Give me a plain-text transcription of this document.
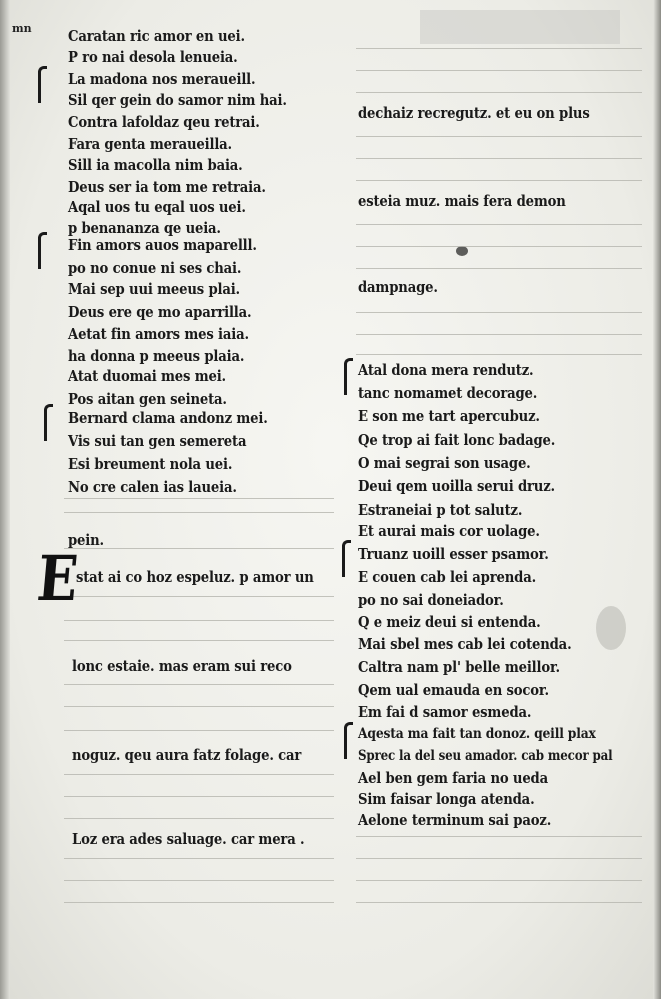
mn
E
Caratan ric amor en uei.
P ro nai desola lenueia.
La madona nos meraueill.
Sil qer gein do samor nim hai.
Contra lafoldaz qeu retrai.
Fara genta meraueilla.
Sill ia macolla nim baia.
Deus ser ia tom me retraia.
Aqal uos tu eqal uos uei.
p benananza qe ueia.
Fin amors auos maparelll.
po no conue ni ses chai.
Mai sep uui meeus plai.
Deus ere qe mo aparrilla.
Aetat fin amors mes iaia.
ha donna p meeus plaia.
Atat duomai mes mei.
Pos aitan gen seineta.
Bernard clama andonz mei.
Vis sui tan gen semereta
Esi breument nola uei.
No cre calen ias laueia.
pein.
stat ai co hoz espeluz. p amor un
lonc estaie. mas eram sui reco
noguz. qeu aura fatz folage. car
Loz era ades saluage. car mera .
dechaiz recregutz. et eu on plus
esteia muz. mais fera demon
dampnage.
Atal dona mera rendutz.
tanc nomamet decorage.
E son me tart apercubuz.
Qe trop ai fait lonc badage.
O mai segrai son usage.
Deui qem uoilla serui druz.
Estraneiai p tot salutz.
Et aurai mais cor uolage.
Truanz uoill esser psamor.
E couen cab lei aprenda.
po no sai doneiador.
Q e meiz deui si entenda.
Mai sbel mes cab lei cotenda.
Caltra nam pl' belle meillor.
Qem ual emauda en socor.
Em fai d samor esmeda.
Aqesta ma fait tan donoz. qeill plax
Sprec la del seu amador. cab mecor pal
Ael ben gem faria no ueda
Sim faisar longa atenda.
Aelone terminum sai paoz.
